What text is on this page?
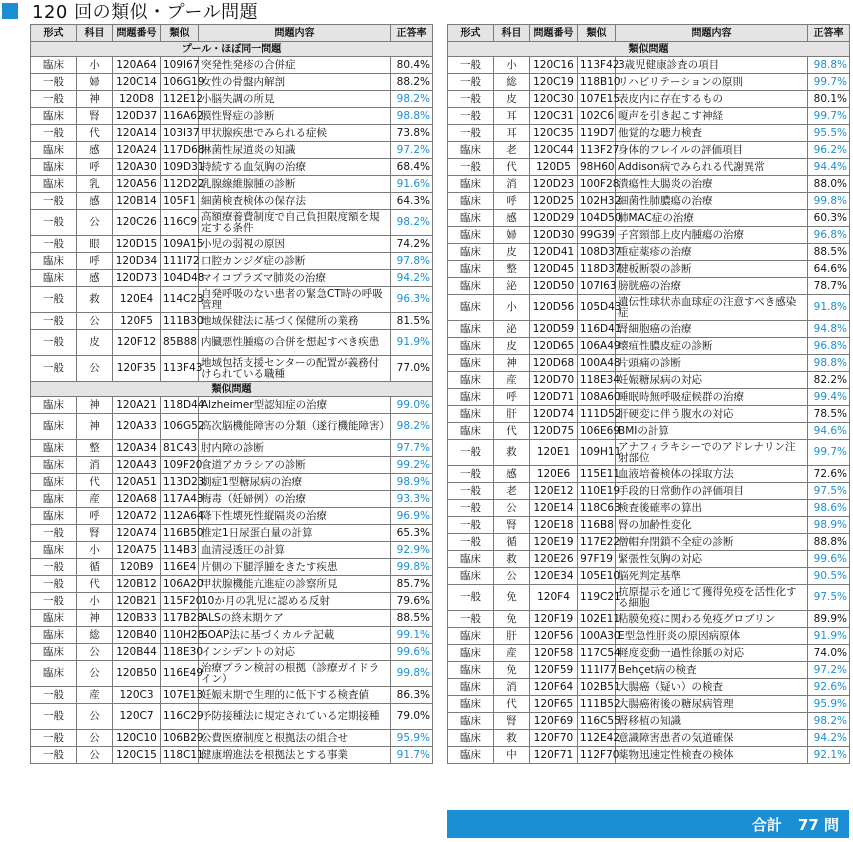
120 回の類似・プール問題
形式	科目	問題番号	類似	問題内容	正答率
プール・ほぼ同一問題					
臨床	小	120A64	109I67	突発性発疹の合併症	80.4%
一般	婦	120C14	106G19	女性の骨盤内解剖	88.2%
一般	神	120D8	112E12	小脳失調の所見	98.2%
臨床	腎	120D37	116A62	膜性腎症の診断	98.8%
一般	代	120A14	103I37	甲状腺疾患でみられる症候	73.8%
臨床	感	120A24	117D68	淋菌性尿道炎の知識	97.2%
臨床	呼	120A30	109D31	持続する血気胸の治療	68.4%
臨床	乳	120A56	112D22	乳腺線維腺腫の診断	91.6%
一般	感	120B14	105F1	細菌検査検体の保存法	64.3%
一般	公	120C26	116C9	高額療養費制度で自己負担限度額を規定する条件	98.2%
一般	眼	120D15	109A15	小児の弱視の原因	74.2%
臨床	呼	120D34	111I72	口腔カンジダ症の診断	97.8%
臨床	感	120D73	104D48	マイコプラズマ肺炎の治療	94.2%
一般	救	120E4	114C23	自発呼吸のない患者の緊急CT時の呼吸管理	96.3%
一般	公	120F5	111B30	地域保健法に基づく保健所の業務	81.5%
一般	皮	120F12	85B88	内臓悪性腫瘍の合併を想起すべき疾患	91.9%
一般	公	120F35	113F43	地域包括支援センターの配置が義務付けられている職種	77.0%
類似問題					
臨床	神	120A21	118D44	Alzheimer型認知症の治療	99.0%
臨床	神	120A33	106G52	高次脳機能障害の分類（遂行機能障害）	98.2%
臨床	整	120A34	81C43	肘内障の診断	97.7%
臨床	消	120A43	109F20	食道アカラシアの診断	99.2%
臨床	代	120A51	113D23	劇症1型糖尿病の治療	98.9%
臨床	産	120A68	117A43	梅毒（妊婦例）の治療	93.3%
臨床	呼	120A72	112A64	降下性壊死性縦隔炎の治療	96.9%
一般	腎	120A74	116B50	推定1日尿蛋白量の計算	65.3%
臨床	小	120A75	114B3	血清浸透圧の計算	92.9%
一般	循	120B9	116E4	片側の下腿浮腫をきたす疾患	99.8%
一般	代	120B12	106A20	甲状腺機能亢進症の診察所見	85.7%
一般	小	120B21	115F20	10か月の乳児に認める反射	79.6%
臨床	神	120B33	117B28	ALSの終末期ケア	88.5%
臨床	総	120B40	110H28	SOAP法に基づくカルテ記載	99.1%
臨床	公	120B44	118E30	インシデントの対応	99.6%
臨床	公	120B50	116E49	治療プラン検討の根拠（診療ガイドライン）	99.8%
一般	産	120C3	107E13	妊娠末期で生理的に低下する検査値	86.3%
一般	公	120C7	116C29	予防接種法に規定されている定期接種	79.0%
一般	公	120C10	106B29	公費医療制度と根拠法の組合せ	95.9%
一般	公	120C15	118C11	健康増進法を根拠法とする事業	91.7%
形式	科目	問題番号	類似	問題内容	正答率
類似問題					
一般	小	120C16	113F42	3歳児健康診査の項目	98.8%
一般	総	120C19	118B10	リハビリテーションの原則	99.7%
一般	皮	120C30	107E15	表皮内に存在するもの	80.1%
一般	耳	120C31	102C6	嗄声を引き起こす神経	99.7%
一般	耳	120C35	119D7	他覚的な聴力検査	95.5%
臨床	老	120C44	113F27	身体的フレイルの評価項目	96.2%
一般	代	120D5	98H60	Addison病でみられる代謝異常	94.4%
臨床	消	120D23	100F28	潰瘍性大腸炎の治療	88.0%
臨床	呼	120D25	102H32	細菌性肺膿瘍の治療	99.8%
臨床	感	120D29	104D50	肺MAC症の治療	60.3%
臨床	婦	120D30	99G39	子宮頸部上皮内腫瘍の治療	96.8%
臨床	皮	120D41	108D37	重症薬疹の治療	88.5%
臨床	整	120D45	118D37	腱板断裂の診断	64.6%
臨床	泌	120D50	107I63	膀胱癌の治療	78.7%
臨床	小	120D56	105D43	遺伝性球状赤血球症の注意すべき感染症	91.8%
臨床	泌	120D59	116D41	腎細胞癌の治療	94.8%
臨床	皮	120D65	106A49	壊疽性膿皮症の診断	96.8%
臨床	神	120D68	100A48	片頭痛の診断	98.8%
臨床	産	120D70	118E34	妊娠糖尿病の対応	82.2%
臨床	呼	120D71	108A60	睡眠時無呼吸症候群の治療	99.4%
臨床	肝	120D74	111D52	肝硬変に伴う腹水の対応	78.5%
臨床	代	120D75	106E69	BMIの計算	94.6%
一般	救	120E1	109H11	アナフィラキシーでのアドレナリン注射部位	99.7%
一般	感	120E6	115E11	血液培養検体の採取方法	72.6%
一般	老	120E12	110E19	手段的日常動作の評価項目	97.5%
一般	公	120E14	118C63	検査後確率の算出	98.6%
一般	腎	120E18	116B8	腎の加齢性変化	98.9%
一般	循	120E19	117E22	僧帽弁閉鎖不全症の診断	88.8%
臨床	救	120E26	97F19	緊張性気胸の対応	99.6%
臨床	公	120E34	105E10	脳死判定基準	90.5%
一般	免	120F4	119C21	抗原提示を通じて獲得免疫を活性化する細胞	97.5%
一般	免	120F19	102E11	粘膜免疫に関わる免疫グロブリン	89.9%
臨床	肝	120F56	100A30	E型急性肝炎の原因病原体	91.9%
臨床	産	120F58	117C54	軽度変動一過性徐脈の対応	74.0%
臨床	免	120F59	111I77	Behçet病の検査	97.2%
臨床	消	120F64	102B51	大腸癌（疑い）の検査	92.6%
臨床	代	120F65	111B52	大腸癌術後の糖尿病管理	95.9%
臨床	腎	120F69	116C55	腎移植の知識	98.2%
臨床	救	120F70	112E42	意識障害患者の気道確保	94.2%
臨床	中	120F71	112F70	薬物迅速定性検査の検体	92.1%
合計 77 問
